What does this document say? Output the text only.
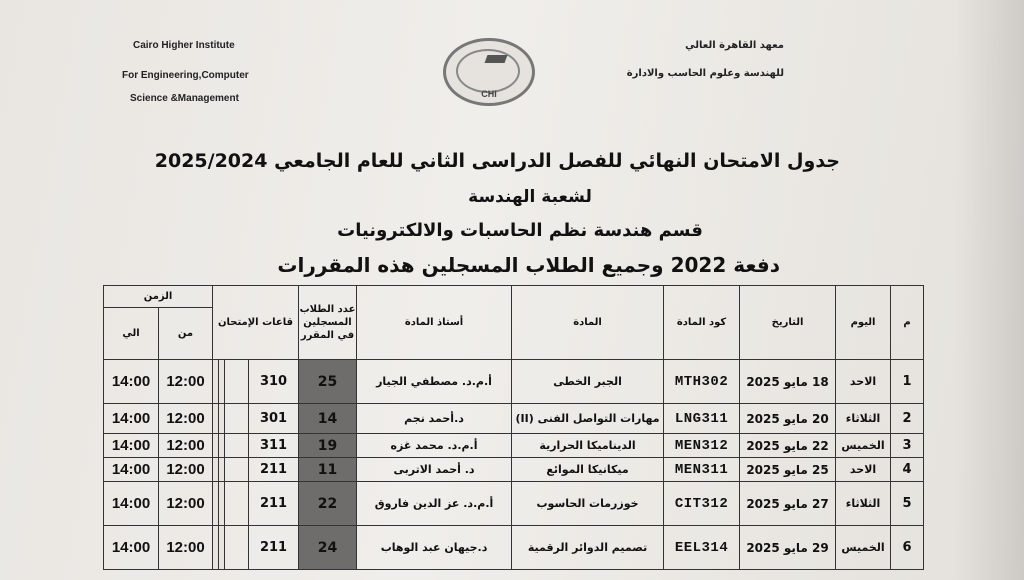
Cairo Higher Institute
For Engineering,Computer
Science &Management	CHI
معهد القاهرة العالي
للهندسة وعلوم الحاسب والادارة
جدول الامتحان النهائي للفصل الدراسى الثاني للعام الجامعي 2025/2024
لشعبة الهندسة
قسم هندسة نظم الحاسبات والالكترونيات
دفعة 2022 وجميع الطلاب المسجلين هذه المقررات
الزمن		قاعات الإمتحان				عدد الطلاب المسجلين في المقرر	أستاذ المادة	المادة	كود المادة	التاريخ	اليوم	م
الي	من											
14:00	12:00				310	25	أ.م.د. مصطفي الجيار	الجبر الخطى	MTH302	18 مايو 2025	الاحد	1
14:00	12:00				301	14	د.أحمد نجم	مهارات التواصل الفنى (II)	LNG311	20 مايو 2025	الثلاثاء	2
14:00	12:00				311	19	أ.م.د. محمد غزه	الديناميكا الحرارية	MEN312	22 مايو 2025	الخميس	3
14:00	12:00				211	11	د. أحمد الاتربى	ميكانيكا الموائع	MEN311	25 مايو 2025	الاحد	4
14:00	12:00				211	22	أ.م.د. عز الدين فاروق	خوزرمات الحاسوب	CIT312	27 مايو 2025	الثلاثاء	5
14:00	12:00				211	24	د.جيهان عبد الوهاب	تصميم الدوائر الرقمية	EEL314	29 مايو 2025	الخميس	6
